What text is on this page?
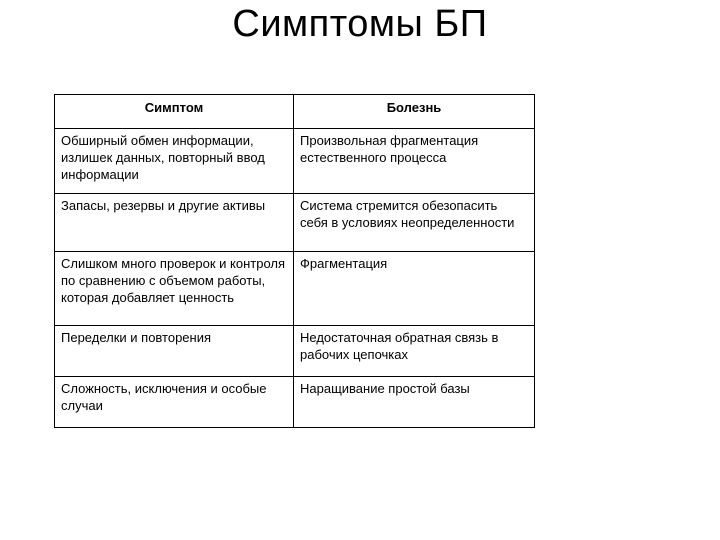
Симптомы БП
Симптом	Болезнь
Обширный обмен информации, излишек данных, повторный ввод информации	Произвольная фрагментация естественного процесса
Запасы, резервы и другие активы	Система стремится обезопасить себя в условиях неопределенности
Слишком много проверок и контроля по сравнению с объемом работы, которая добавляет ценность	Фрагментация
Переделки и повторения	Недостаточная обратная связь в рабочих цепочках
Сложность, исключения и особые случаи	Наращивание простой базы
